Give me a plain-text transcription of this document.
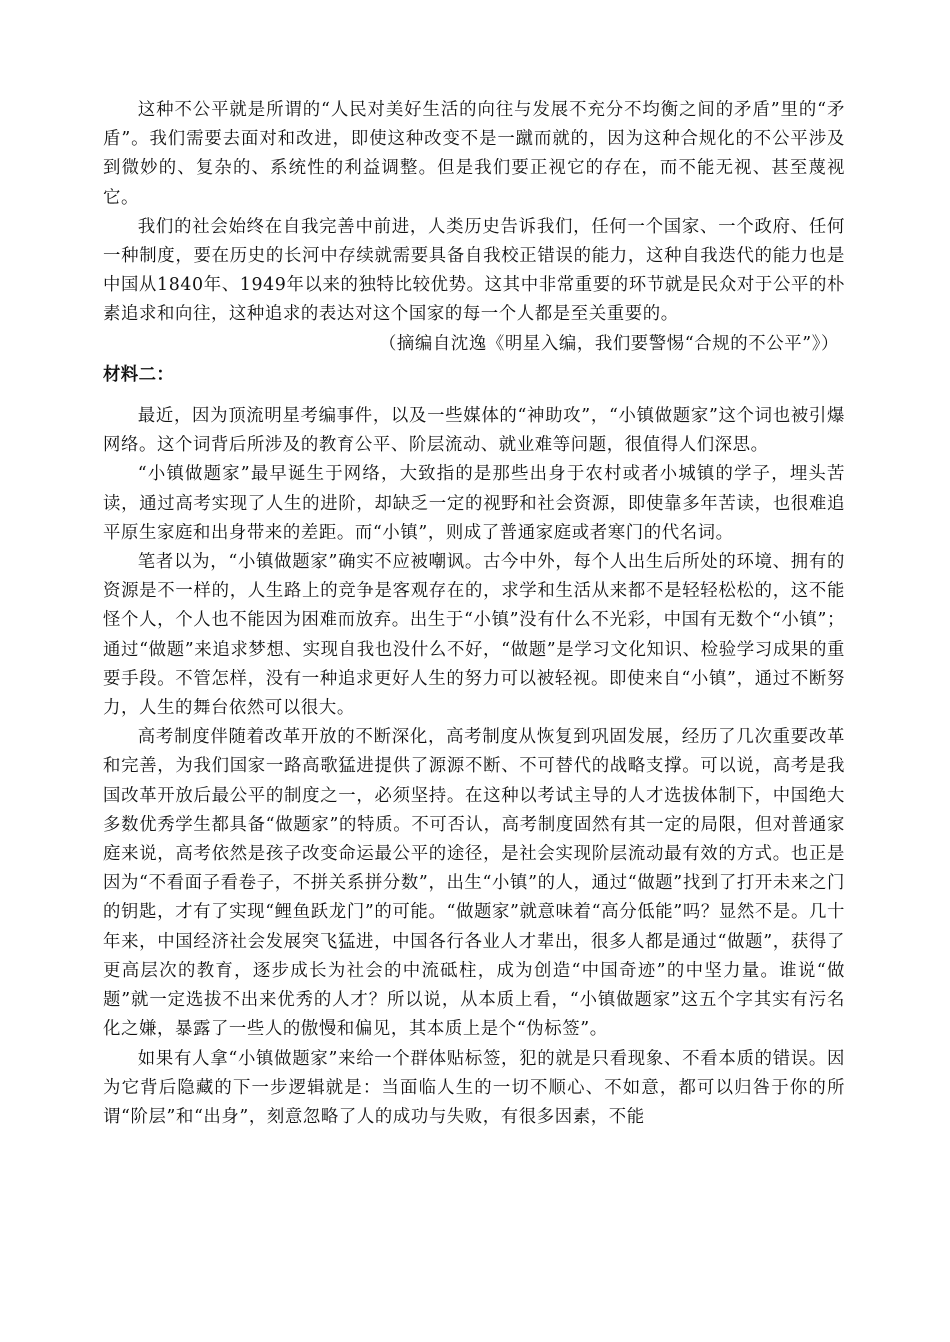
这种不公平就是所谓的“人民对美好生活的向往与发展不充分不均衡之间的矛盾”里的“矛盾”。我们需要去面对和改进，即使这种改变不是一蹴而就的，因为这种合规化的不公平涉及到微妙的、复杂的、系统性的利益调整。但是我们要正视它的存在，而不能无视、甚至蔑视它。

我们的社会始终在自我完善中前进，人类历史告诉我们，任何一个国家、一个政府、任何一种制度，要在历史的长河中存续就需要具备自我校正错误的能力，这种自我迭代的能力也是中国从1840年、1949年以来的独特比较优势。这其中非常重要的环节就是民众对于公平的朴素追求和向往，这种追求的表达对这个国家的每一个人都是至关重要的。

（摘编自沈逸《明星入编，我们要警惕“合规的不公平”》）

材料二：

最近，因为顶流明星考编事件，以及一些媒体的“神助攻”，“小镇做题家”这个词也被引爆网络。这个词背后所涉及的教育公平、阶层流动、就业难等问题，很值得人们深思。

“小镇做题家”最早诞生于网络，大致指的是那些出身于农村或者小城镇的学子，埋头苦读，通过高考实现了人生的进阶，却缺乏一定的视野和社会资源，即使靠多年苦读，也很难追平原生家庭和出身带来的差距。而“小镇”，则成了普通家庭或者寒门的代名词。

笔者以为，“小镇做题家”确实不应被嘲讽。古今中外，每个人出生后所处的环境、拥有的资源是不一样的，人生路上的竞争是客观存在的，求学和生活从来都不是轻轻松松的，这不能怪个人，个人也不能因为困难而放弃。出生于“小镇”没有什么不光彩，中国有无数个“小镇”；通过“做题”来追求梦想、实现自我也没什么不好，“做题”是学习文化知识、检验学习成果的重要手段。不管怎样，没有一种追求更好人生的努力可以被轻视。即使来自“小镇”，通过不断努力，人生的舞台依然可以很大。

高考制度伴随着改革开放的不断深化，高考制度从恢复到巩固发展，经历了几次重要改革和完善，为我们国家一路高歌猛进提供了源源不断、不可替代的战略支撑。可以说，高考是我国改革开放后最公平的制度之一，必须坚持。在这种以考试主导的人才选拔体制下，中国绝大多数优秀学生都具备“做题家”的特质。不可否认，高考制度固然有其一定的局限，但对普通家庭来说，高考依然是孩子改变命运最公平的途径，是社会实现阶层流动最有效的方式。也正是因为“不看面子看卷子，不拼关系拼分数”，出生“小镇”的人，通过“做题”找到了打开未来之门的钥匙，才有了实现“鲤鱼跃龙门”的可能。“做题家”就意味着“高分低能”吗？显然不是。几十年来，中国经济社会发展突飞猛进，中国各行各业人才辈出，很多人都是通过“做题”，获得了更高层次的教育，逐步成长为社会的中流砥柱，成为创造“中国奇迹”的中坚力量。谁说“做题”就一定选拔不出来优秀的人才？所以说，从本质上看，“小镇做题家”这五个字其实有污名化之嫌，暴露了一些人的傲慢和偏见，其本质上是个“伪标签”。

如果有人拿“小镇做题家”来给一个群体贴标签，犯的就是只看现象、不看本质的错误。因为它背后隐藏的下一步逻辑就是：当面临人生的一切不顺心、不如意，都可以归咎于你的所谓“阶层”和“出身”，刻意忽略了人的成功与失败，有很多因素，不能
